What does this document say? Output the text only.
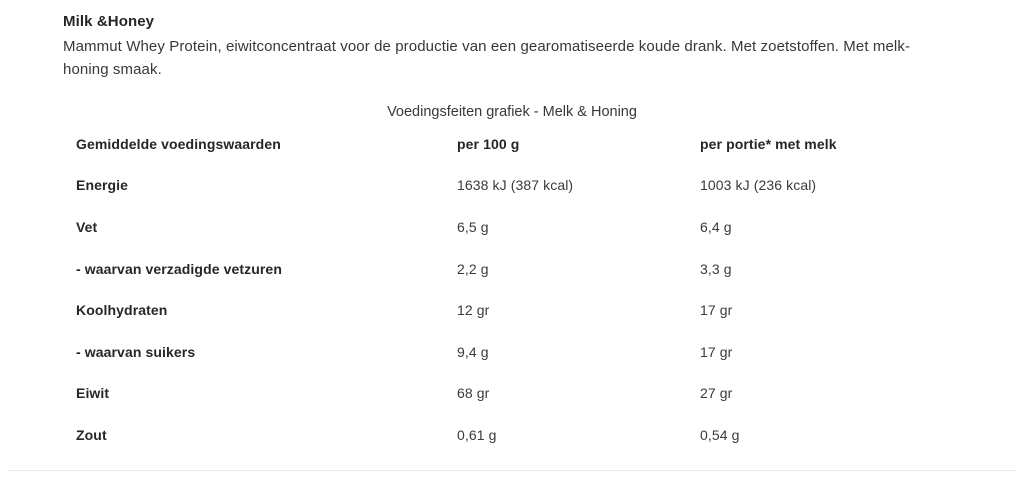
Milk &Honey

Mammut Whey Protein, eiwitconcentraat voor de productie van een gearomatiseerde koude drank. Met zoetstoffen. Met melk-honing smaak.

Voedingsfeiten grafiek - Melk & Honing
Gemiddelde voedingswaarden	per 100 g	per portie* met melk
Energie	1638 kJ (387 kcal)	1003 kJ (236 kcal)
Vet	6,5 g	6,4 g
- waarvan verzadigde vetzuren	2,2 g	3,3 g
Koolhydraten	12 gr	17 gr
- waarvan suikers	9,4 g	17 gr
Eiwit	68 gr	27 gr
Zout	0,61 g	0,54 g
